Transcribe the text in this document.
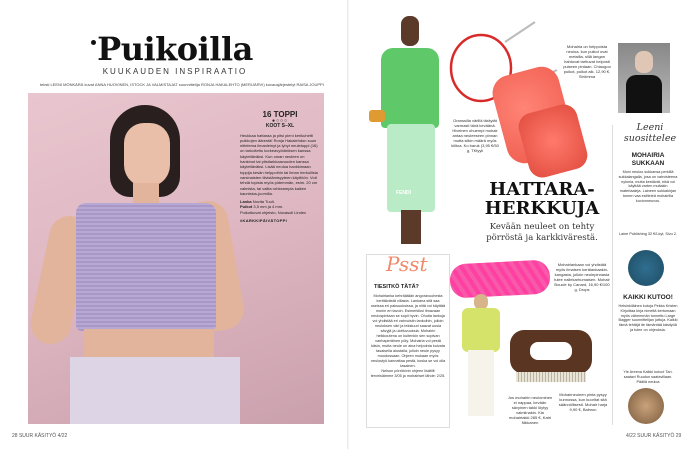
Puikoilla
KUUKAUDEN INSPIRAATIO
teksti LEENI MÖNKÄRÄ kuvat ANNA HUOVINEN, ISTOCK JA VALMISTAJAT suunnittelija RONJA HAKALEHTO (MERIJÄRVI) kuvausjärjestelyt RAISA JOUPPI
16 TOPPI
●○○○
KOOT S–XL

Heukkaa hattaraa ja pitsi pieni kerikuhetti puikkojen äärestä! Ronja Hakalehdon suun nittelema ilmanleinyt ja lyhyt neuletoppi (16) on tarkoitettu korkeavyötäröisen kanssa käytettäväksi. Kun oman neuleen on hankinut tai pitsitarkkaavuuden kanssa käytettäväksi. Lisää neuloa hankkimaan toppija kesän helppoihin tai ilman herkullisia varsinaisten tiivistämisyyteen käyttöön. Voit tehdä topista myös pidemmän, esim. 20 cm valmista, tai valita rohkeampia kaiken kaunistus-juomilla.

Lanka Novita Tuuli.
Puikot 3,5 mm ja 4 mm.
Puikotkuvat ohjeisto, Novasoil Lindex

#KARKKIPÄIVÄTOPPI

28 SUUR KÄSITYÖ 4/22
FENDI
Mohairia on helppoista neuloa, kun puikot ovat metallia, sillä langan hahtuvat tarttuvat helposti puiseen pintaan. Chiaogoo puikot, puikot alk. 12,90 €, Strömma
Oranssilla värillä täräytät varmasti tänä keväänä. Hiveinen ohuempi mohair antaa neuleeseen pinnan mutta silkin määrä myös kiiltoa. Ko baruk (3,95 €/50 g, TKtyyli
HATTARA-HERKKUJA
Kevään neuleet on tehty pörröstä ja karkkivärestä.
Psst
TIESITKÖ TÄTÄ?
Mohairlanka kehräätään angoravuohesta kerittävästä villasta. Lankana sitä saa useissa eri paksuuksissa, ja niitä voi käyttää monin eri tavoin. Esimerkiksi ilmavaan neulospintaan se sopii hyvin. Ohuita lankoja voi yhdistää eri vahvuisiin lankoihin, jolloin neuloksen väri ja tekstuuri saavat uusia sävyjä ja ulottuvuuksia. Mohairin heikkoutena on kuitenkin sen sopivan vanhaperäinen pöly. Mohairia voi pestä käsin, mutta neule on aina helpointa kuivata tasaisella alustalla, jolloin neule pysyy muodossaan. Ohjeen mukaan myös neulostyö kannattaa pestä, koska se voi olla tasainen.
Nelson pörrökivin ohjeen lisätilit terveisiämme 3/05 ja mohairiset lähde: 2/25.
Mohairlankaan voi yhdistää myös ilmaisen kerälankaakinkangasta, jolloin neulepinnasta tulee nallekarhumaisen. Mohair Boucle by Canard, 16,90 €/100 g, Drops
Jos mohairin neulominen ei nappaa, kevään sävyinen takki löytyy valmiinakin. Kia mohairtakki 285 €, Katri Nikkanen
Mohairneuleen pinta pysyy kunnossa, kun kuoritat sitä säännöllisesti. Mohair harja 9,90 €, Balmun
Leeni suosittelee
MOHAIRIA SUKKAAN
Moni neuloo sukkansa perkillä sukkalangalla, josa on vahvisteena nylonia, mutta kestävät, eikä voi käyttää varten muitakin materiaaleja. Laineen sukkakirjan tomen vaa esitteleä mohairilla kuvionneuvos.
Laine Publishing 32 €/Lkyt, Sivu 2.
KAIKKI KUTOO!
Helsinkiläinen kutoja Pekka Kristen Kirjoittaa kirja nimeltä kertomaan myös vähemmän tunnettu Large Bagger suunnittelijan juttuja. Kaikki tämä tehtäjä ite tämäntää käsityöä ja tulee on ohjeuksia.
Yle Areena Kaikki kutoo! Tan. saatavi Ruudun saatavillaan. Päällä neuloa
4/22 SUUR KÄSITYÖ 29
